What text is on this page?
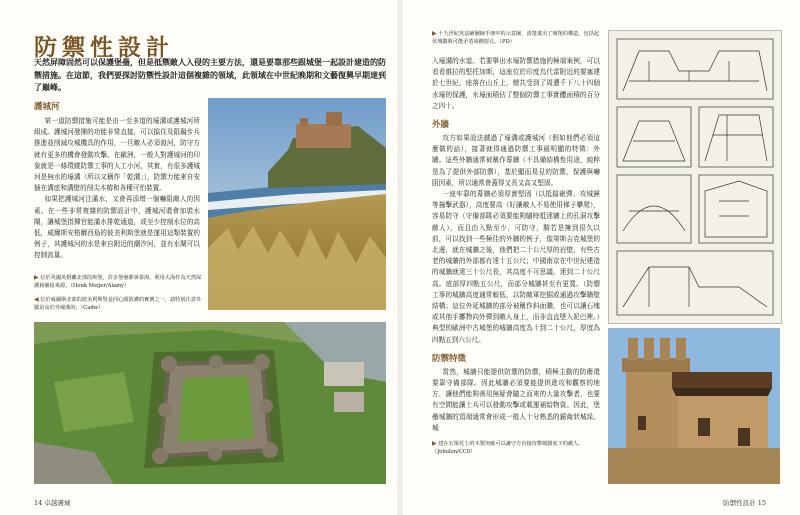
防禦性設計

天然屏障固然可以保護堡壘，但是抵禦敵人入侵的主要方法，還是要靠那些跟城堡一起設計建造的防禦措施。在這節，我們要探討防禦性設計這個複雜的領域，此領域在中世紀晚期和文藝復興早期達到了巔峰。

護城河

第一道防禦措施可能是由一至多道的壕溝或護城河所組成。護城河發揮的功能非常直接，可以擋住及阻礙步兵推進並削減攻城機具的作用，一旦敵人必須渡河，防守方就有更多的機會發動攻擊。在歐洲，一般人對護城河的印象就是一條環繞防禦工事的人工小河，其實，有很多護城河是無水的壕溝（所以又稱作「乾溝」），防禦力能來自安插在溝底和溝壁的削尖木樁和各種可怕裝置。

如果把護城河注滿水，又會再添增一個嚇阻敵人的因素。在一些非常複雜的防禦設計中，護城河還會加裝水閘，讓城堡指揮官能滿水排乾通道，或至少控制水位的高低，威爾斯安格爾西島的彼美利斯堡就是運用這類裝置的例子，其護城河的水是來自附近的潮汐河，並有水閘可以控制流量。

▶ 位於英國英格蘭北部的班堡，許多堡壘都會靠海，利用大海作為天然保護和補給來源。（Henk Meijer/Alamy）

◀ 位於威爾斯北部的波美利斯堡是同心圓防護的實例之一，請特別注意外牆是高於外壕溝的。（Cadw）

14 卓越護城

▶ 十九世紀英法繪圖師手冊中的示意圖，清楚畫出了城堡的構造，包括起伏城牆與可能矛盾兩側射孔。（PD）

入壕溝的水道。若要舉出水壕防禦措施的極端案例，可以看看維拉的堅托加斯，這座位於印度烏代雷附近的要塞建於七世紀，座落在山丘上，總共受到了周遭千下八十四個水壕的保護，水壕面積佔了整個防禦工事實體面積的百分之四十。

外牆

攻方如果設法越過了壕溝或護城河（假如他們必須這麼做的話），接著就得通過防禦工事最明顯的特徵：外牆。這些外牆通常被稱作幕牆（不具備結構性用途，純粹是為了提供外部防禦），基於顯而易見的防禦、保護與嚇阻因素，所以通常會蓋得又長又高又堅固。

一座牢靠的幕牆必須厚實堅固（以抵擋砲彈、攻城錘等撞擊武器），高度要高（好讓敵人不易使用梯子攀爬），容易防守（守備部隊必須要能夠隨時抵達牆上的孔洞攻擊敵人），而且由入點至少，可防守，騎若是擁到很久以前，可以找到一些極佳的外牆的例子，像第斯吉克城堡的北邊，就在城牆之後，他們把二十公尺厚的岩壁，有些古老的城牆的外部都有達十五公尺；中國南京在中世紀建造的城牆就達三十公尺長，其高度不可思議，達到二十公尺高。底部厚四點五公尺，而部分城牆甚至有更寬。（防禦工事的城牆高度通常較低，以防敵軍挖掘或通過攻擊牆壁結構；這位外延城牆的部分被稱作斜面牆，也可以讓石塊或其他手擲物向外彈到敵人身上，而非直直墜入泥巴裡。）典型的歐洲中古城堡的城牆高度為十到二十公尺，厚度為四點五到六公尺。

防禦特徵

當然，城牆只能提供防禦的防禦，積極主動的防衛還要靠守備部隊。因此城牆必須要能提供進攻和觀察的地方，讓他們能夠善用無疑會隨之而來的大量攻擊者，也要有空間能讓士兵可以發動攻擊或載運補給物資。因此，堡壘城牆的頂端通常會形成一般人十分熟悉的鋸齒狀城垛。城

▶ 建在石梁托上的木製突廊可以讓守方直接攻擊城牆底下的敵人。（Jebulon/CC0）

防禦性設計 15
